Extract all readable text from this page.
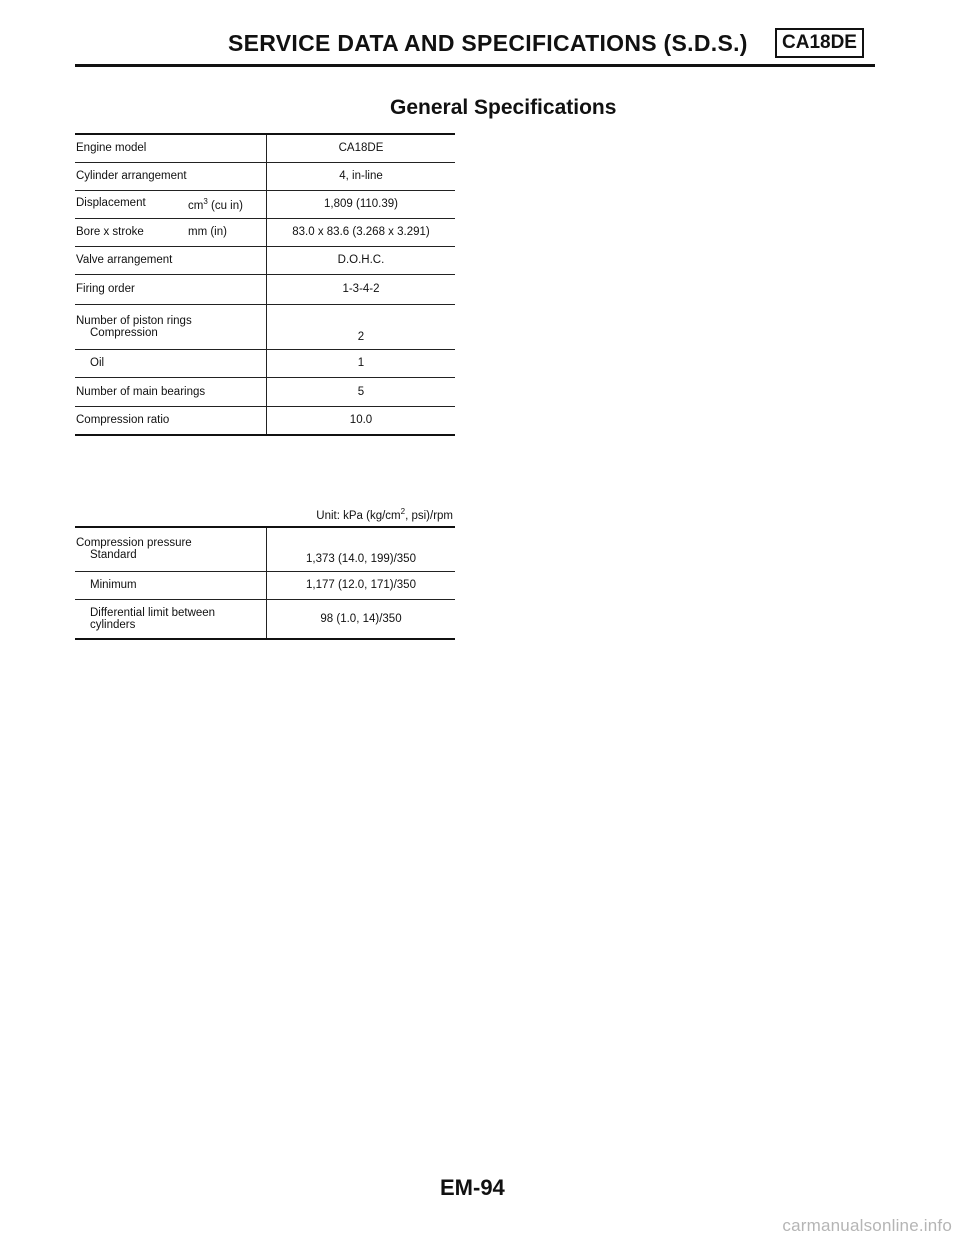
SERVICE DATA AND SPECIFICATIONS (S.D.S.)	CA18DE
General Specifications
Engine model	CA18DE
Cylinder arrangement	4, in-line

Displacement $cm^3$ (cu in)	1,809 (110.39)

Bore x stroke mm (in)	83.0 x 83.6 (3.268 x 3.291)
Valve arrangement	D.O.H.C.
Firing order	1-3-4-2

Number of piston rings
Compression	2

Oil	1
Number of main bearings	5
Compression ratio	10.0
Unit: kPa ($kg/cm^2$, psi)/rpm
Compression pressure
Standard	1,373 (14.0, 199)/350

Minimum	1,177 (12.0, 171)/350

Differential limit between
cylinders	98 (1.0, 14)/350
EM-94
carmanualsonline.info
